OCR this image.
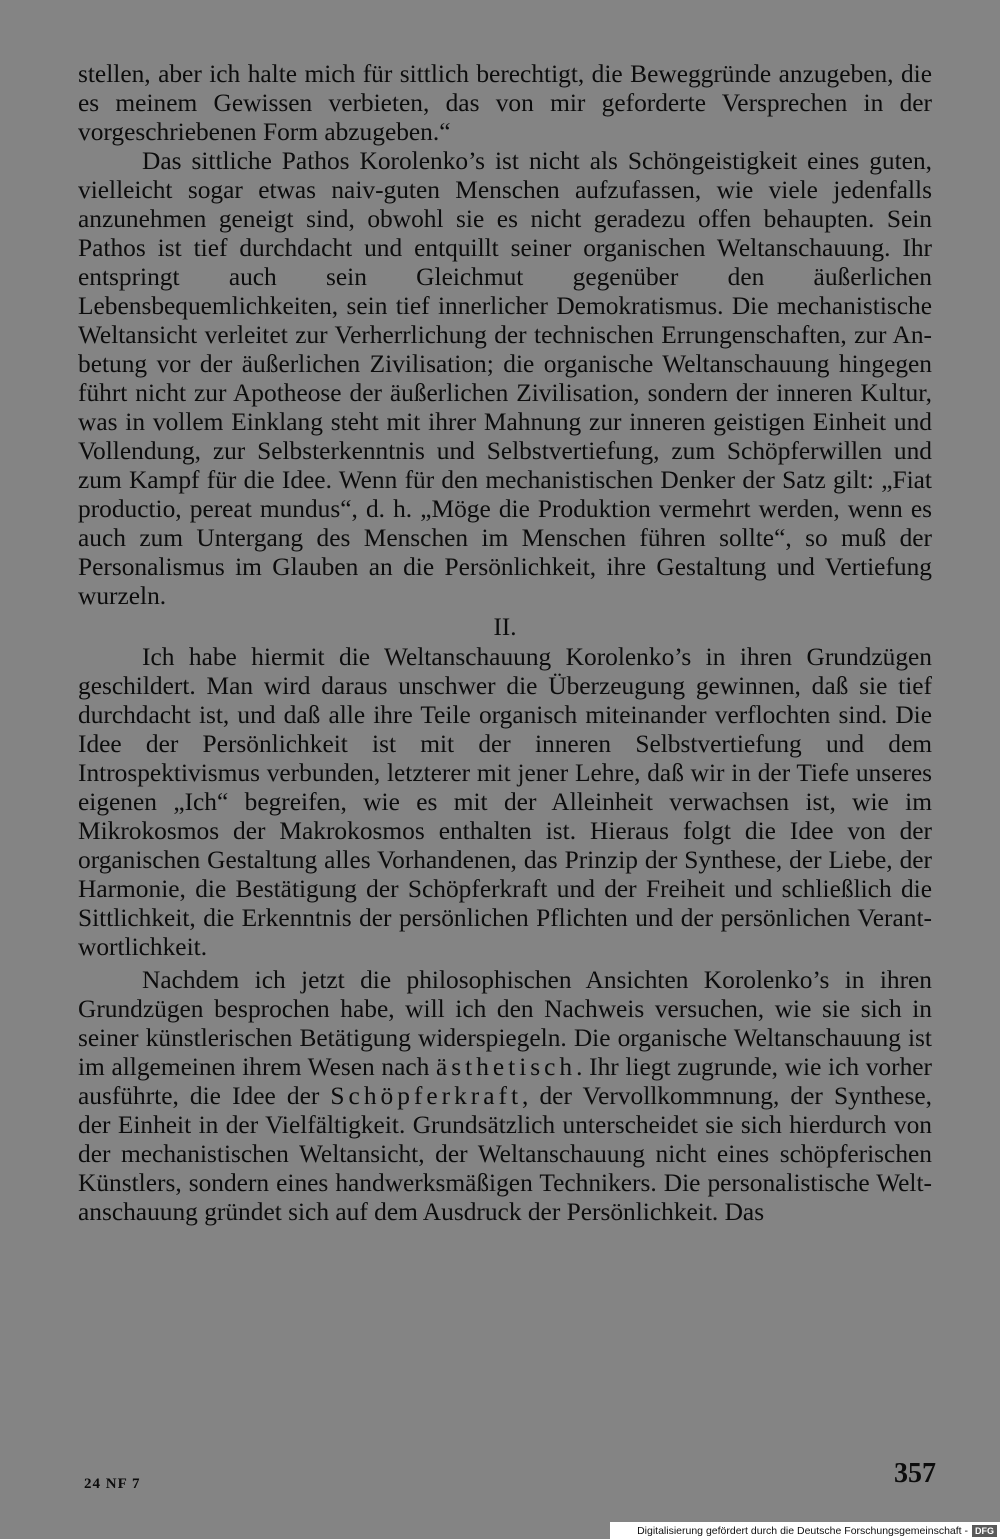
stellen, aber ich halte mich für sittlich berechtigt, die Beweggründe anzugeben, die es meinem Gewissen verbieten, das von mir geforderte Versprechen in der vorgeschriebenen Form abzugeben.“

Das sittliche Pathos Korolenko’s ist nicht als Schöngeistigkeit eines guten, vielleicht sogar etwas naiv-guten Menschen aufzufassen, wie viele jedenfalls anzunehmen geneigt sind, obwohl sie es nicht geradezu offen behaupten. Sein Pathos ist tief durchdacht und entquillt seiner organischen Weltanschauung. Ihr entspringt auch sein Gleichmut gegenüber den äußerlichen Lebensbequemlichkeiten, sein tief innerlicher Demokratismus. Die mechanistische Weltansicht verleitet zur Verherrlichung der technischen Errungenschaften, zur Anbetung vor der äußerlichen Zivilisation; die organische Weltanschauung hingegen führt nicht zur Apotheose der äußerlichen Zivilisation, sondern der inneren Kultur, was in vollem Einklang steht mit ihrer Mahnung zur inneren geistigen Einheit und Vollendung, zur Selbsterkenntnis und Selbstvertiefung, zum Schöpferwillen und zum Kampf für die Idee. Wenn für den mechanistischen Denker der Satz gilt: „Fiat productio, pereat mundus“, d. h. „Möge die Produktion vermehrt werden, wenn es auch zum Untergang des Menschen im Menschen führen sollte“, so muß der Personalismus im Glauben an die Persönlichkeit, ihre Gestaltung und Vertiefung wurzeln.

II.

Ich habe hiermit die Weltanschauung Korolenko’s in ihren Grundzügen geschildert. Man wird daraus unschwer die Überzeugung gewinnen, daß sie tief durchdacht ist, und daß alle ihre Teile organisch miteinander verflochten sind. Die Idee der Persönlichkeit ist mit der inneren Selbstvertiefung und dem Introspektivismus verbunden, letzterer mit jener Lehre, daß wir in der Tiefe unseres eigenen „Ich“ begreifen, wie es mit der Alleinheit verwachsen ist, wie im Mikrokosmos der Makrokosmos enthalten ist. Hieraus folgt die Idee von der organischen Gestaltung alles Vorhandenen, das Prinzip der Synthese, der Liebe, der Harmonie, die Bestätigung der Schöpferkraft und der Freiheit und schließlich die Sittlichkeit, die Erkenntnis der persönlichen Pflichten und der persönlichen Verantwortlichkeit.

Nachdem ich jetzt die philosophischen Ansichten Korolenko’s in ihren Grundzügen besprochen habe, will ich den Nachweis versuchen, wie sie sich in seiner künstlerischen Betätigung widerspiegeln. Die organische Weltanschauung ist im allgemeinen ihrem Wesen nach ästhetisch. Ihr liegt zugrunde, wie ich vorher ausführte, die Idee der Schöpferkraft, der Vervollkommnung, der Synthese, der Einheit in der Vielfältigkeit. Grundsätzlich unterscheidet sie sich hierdurch von der mechanistischen Weltansicht, der Weltanschauung nicht eines schöpferischen Künstlers, sondern eines handwerksmäßigen Technikers. Die personalistische Weltanschauung gründet sich auf dem Ausdruck der Persönlichkeit. Das

24 NF 7	357
Digitalisierung gefördert durch die Deutsche Forschungsgemeinschaft - DFG
